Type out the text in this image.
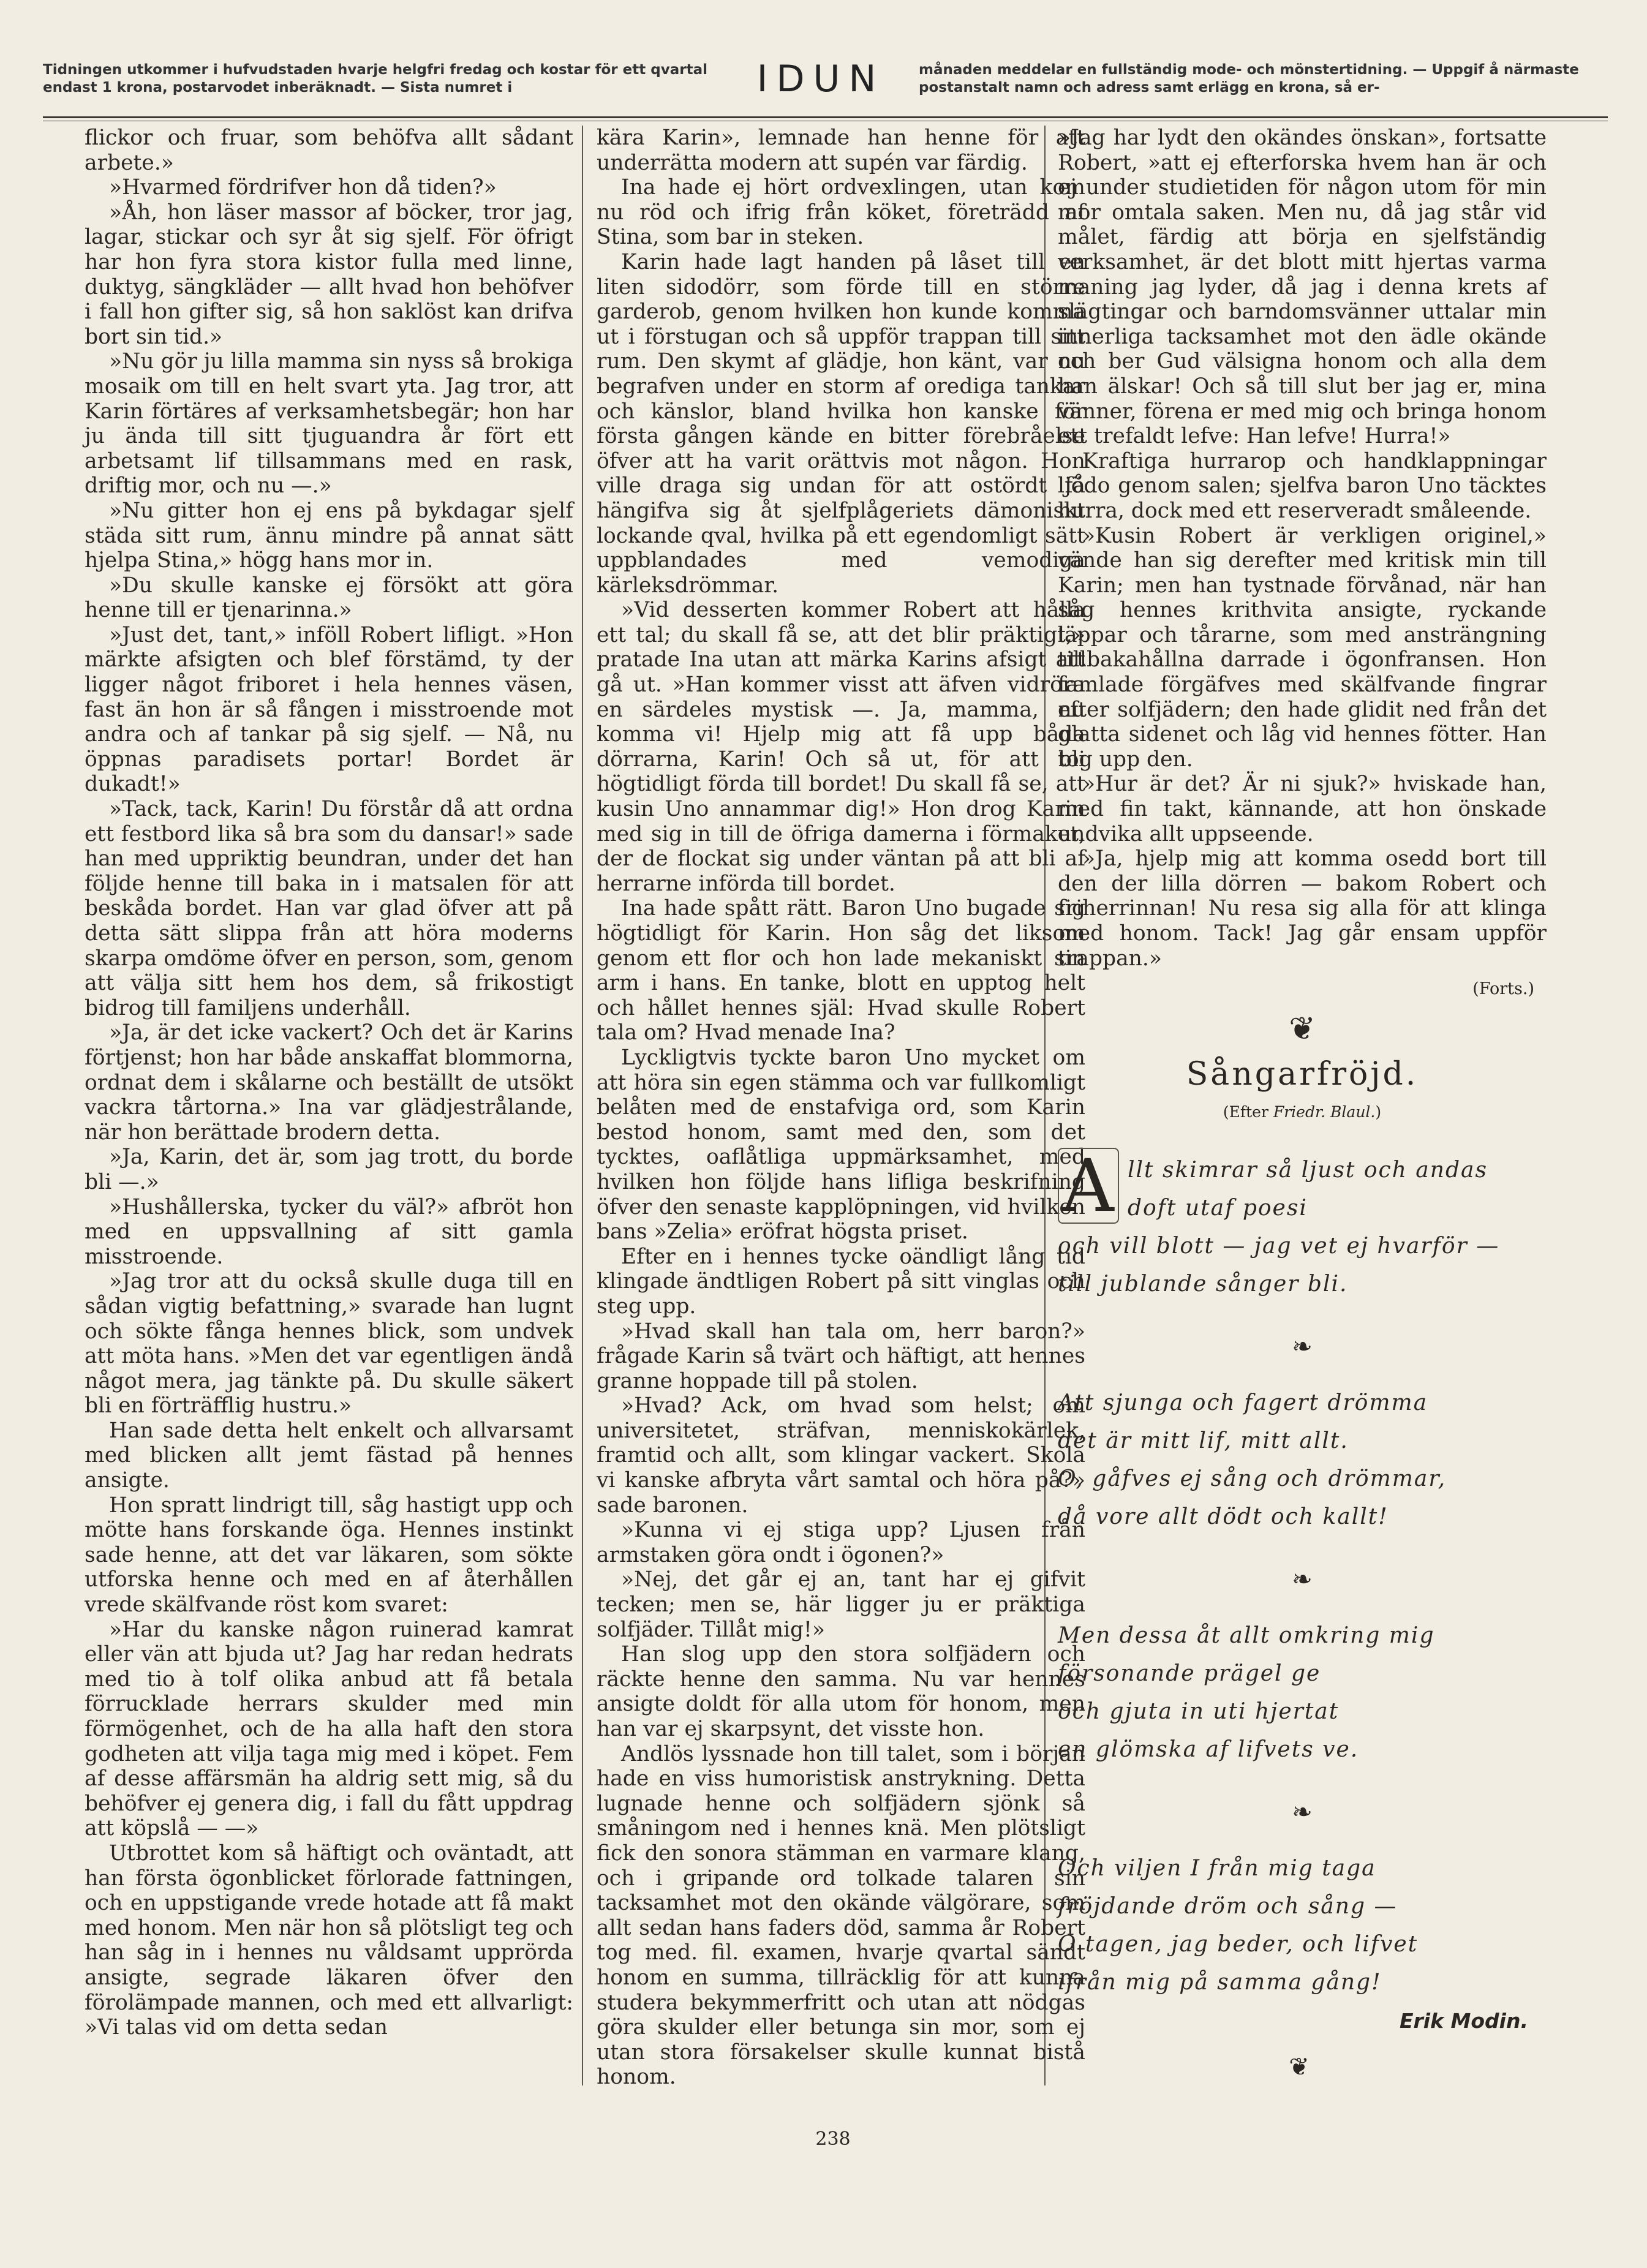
Tidningen utkommer i hufvudstaden hvarje helgfri fredag och kostar för ett qvartal endast 1 krona, postarvodet inberäknadt. — Sista numret i	IDUN	månaden meddelar en fullständig mode- och mönstertidning. — Uppgif å närmaste postanstalt namn och adress samt erlägg en krona, så er-

flickor och fruar, som behöfva allt sådant arbete.»

»Hvarmed fördrifver hon då tiden?»

»Åh, hon läser massor af böcker, tror jag, lagar, stickar och syr åt sig sjelf. För öfrigt har hon fyra stora kistor fulla med linne, duktyg, sängkläder — allt hvad hon behöfver i fall hon gifter sig, så hon saklöst kan drifva bort sin tid.»

»Nu gör ju lilla mamma sin nyss så brokiga mosaik om till en helt svart yta. Jag tror, att Karin förtäres af verksamhetsbegär; hon har ju ända till sitt tjuguandra år fört ett arbetsamt lif tillsammans med en rask, driftig mor, och nu —.»

»Nu gitter hon ej ens på bykdagar sjelf städa sitt rum, ännu mindre på annat sätt hjelpa Stina,» högg hans mor in.

»Du skulle kanske ej försökt att göra henne till er tjenarinna.»

»Just det, tant,» inföll Robert lifligt. »Hon märkte afsigten och blef förstämd, ty der ligger något friboret i hela hennes väsen, fast än hon är så fången i misstroende mot andra och af tankar på sig sjelf. — Nå, nu öppnas paradisets portar! Bordet är dukadt!»

»Tack, tack, Karin! Du förstår då att ordna ett festbord lika så bra som du dansar!» sade han med uppriktig beundran, under det han följde henne till baka in i matsalen för att beskåda bordet. Han var glad öfver att på detta sätt slippa från att höra moderns skarpa omdöme öfver en person, som, genom att välja sitt hem hos dem, så frikostigt bidrog till familjens underhåll.

»Ja, är det icke vackert? Och det är Karins förtjenst; hon har både anskaffat blommorna, ordnat dem i skålarne och beställt de utsökt vackra tårtorna.» Ina var glädjestrålande, när hon berättade brodern detta.

»Ja, Karin, det är, som jag trott, du borde bli —.»

»Hushållerska, tycker du väl?» afbröt hon med en uppsvallning af sitt gamla misstroende.

»Jag tror att du också skulle duga till en sådan vigtig befattning,» svarade han lugnt och sökte fånga hennes blick, som undvek att möta hans. »Men det var egentligen ändå något mera, jag tänkte på. Du skulle säkert bli en förträfflig hustru.»

Han sade detta helt enkelt och allvarsamt med blicken allt jemt fästad på hennes ansigte.

Hon spratt lindrigt till, såg hastigt upp och mötte hans forskande öga. Hennes instinkt sade henne, att det var läkaren, som sökte utforska henne och med en af återhållen vrede skälfvande röst kom svaret:

»Har du kanske någon ruinerad kamrat eller vän att bjuda ut? Jag har redan hedrats med tio à tolf olika anbud att få betala förrucklade herrars skulder med min förmögenhet, och de ha alla haft den stora godheten att vilja taga mig med i köpet. Fem af desse affärsmän ha aldrig sett mig, så du behöfver ej genera dig, i fall du fått uppdrag att köpslå — —»

Utbrottet kom så häftigt och oväntadt, att han första ögonblicket förlorade fattningen, och en uppstigande vrede hotade att få makt med honom. Men när hon så plötsligt teg och han såg in i hennes nu våldsamt upprörda ansigte, segrade läkaren öfver den förolämpade mannen, och med ett allvarligt: »Vi talas vid om detta sedan

kära Karin», lemnade han henne för att underrätta modern att supén var färdig.

Ina hade ej hört ordvexlingen, utan kom nu röd och ifrig från köket, företrädd af Stina, som bar in steken.

Karin hade lagt handen på låset till en liten sidodörr, som förde till en större garderob, genom hvilken hon kunde komma ut i förstugan och så uppför trappan till sitt rum. Den skymt af glädje, hon känt, var nu begrafven under en storm af orediga tankar och känslor, bland hvilka hon kanske för första gången kände en bitter förebråelse öfver att ha varit orättvis mot någon. Hon ville draga sig undan för att ostördt få hängifva sig åt sjelfplågeriets dämoniskt lockande qval, hvilka på ett egendomligt sätt uppblandades med vemodiga kärleksdrömmar.

»Vid desserten kommer Robert att hålla ett tal; du skall få se, att det blir präktigt,» pratade Ina utan att märka Karins afsigt att gå ut. »Han kommer visst att äfven vidröra en särdeles mystisk —. Ja, mamma, nu komma vi! Hjelp mig att få upp båda dörrarna, Karin! Och så ut, för att bli högtidligt förda till bordet! Du skall få se, att kusin Uno annammar dig!» Hon drog Karin med sig in till de öfriga damerna i förmaket, der de flockat sig under väntan på att bli af herrarne införda till bordet.

Ina hade spått rätt. Baron Uno bugade sig högtidligt för Karin. Hon såg det liksom genom ett flor och hon lade mekaniskt sin arm i hans. En tanke, blott en upptog helt och hållet hennes själ: Hvad skulle Robert tala om? Hvad menade Ina?

Lyckligtvis tyckte baron Uno mycket om att höra sin egen stämma och var fullkomligt belåten med de enstafviga ord, som Karin bestod honom, samt med den, som det tycktes, oaflåtliga uppmärksamhet, med hvilken hon följde hans lifliga beskrifning öfver den senaste kapplöpningen, vid hvilken bans »Zelia» eröfrat högsta priset.

Efter en i hennes tycke oändligt lång tid klingade ändtligen Robert på sitt vinglas och steg upp.

»Hvad skall han tala om, herr baron?» frågade Karin så tvärt och häftigt, att hennes granne hoppade till på stolen.

»Hvad? Ack, om hvad som helst; om universitetet, sträfvan, menniskokärlek, framtid och allt, som klingar vackert. Skola vi kanske afbryta vårt samtal och höra på?» sade baronen.

»Kunna vi ej stiga upp? Ljusen från armstaken göra ondt i ögonen?»

»Nej, det går ej an, tant har ej gifvit tecken; men se, här ligger ju er präktiga solfjäder. Tillåt mig!»

Han slog upp den stora solfjädern och räckte henne den samma. Nu var hennes ansigte doldt för alla utom för honom, men han var ej skarpsynt, det visste hon.

Andlös lyssnade hon till talet, som i början hade en viss humoristisk anstrykning. Detta lugnade henne och solfjädern sjönk så småningom ned i hennes knä. Men plötsligt fick den sonora stämman en varmare klang, och i gripande ord tolkade talaren sin tacksamhet mot den okände välgörare, som allt sedan hans faders död, samma år Robert tog med. fil. examen, hvarje qvartal sändt honom en summa, tillräcklig för att kunna studera bekymmerfritt och utan att nödgas göra skulder eller betunga sin mor, som ej utan stora försakelser skulle kunnat bistå honom.

»Jag har lydt den okändes önskan», fortsatte Robert, »att ej efterforska hvem han är och ej under studietiden för någon utom för min mor omtala saken. Men nu, då jag står vid målet, färdig att börja en sjelfständig verksamhet, är det blott mitt hjertas varma maning jag lyder, då jag i denna krets af slägtingar och barndomsvänner uttalar min innerliga tacksamhet mot den ädle okände och ber Gud välsigna honom och alla dem han älskar! Och så till slut ber jag er, mina vänner, förena er med mig och bringa honom ett trefaldt lefve: Han lefve! Hurra!»

Kraftiga hurrarop och handklappningar ljödo genom salen; sjelfva baron Uno täcktes hurra, dock med ett reserveradt småleende.

»Kusin Robert är verkligen originel,» vände han sig derefter med kritisk min till Karin; men han tystnade förvånad, när han såg hennes krithvita ansigte, ryckande läppar och tårarne, som med ansträngning tillbakahållna darrade i ögonfransen. Hon famlade förgäfves med skälfvande fingrar efter solfjädern; den hade glidit ned från det glatta sidenet och låg vid hennes fötter. Han tog upp den.

»Hur är det? Är ni sjuk?» hviskade han, med fin takt, kännande, att hon önskade undvika allt uppseende.

»Ja, hjelp mig att komma osedd bort till den der lilla dörren — bakom Robert och friherrinnan! Nu resa sig alla för att klinga med honom. Tack! Jag går ensam uppför trappan.»

(Forts.)
❦
Sångarfröjd.
(Efter Friedr. Blaul.)
A llt skimrar så ljust och andas
doft utaf poesi
och vill blott — jag vet ej hvarför —
till jublande sånger bli.
❧
Att sjunga och fagert drömma
det är mitt lif, mitt allt.
O, gåfves ej sång och drömmar,
då vore allt dödt och kallt!
❧
Men dessa åt allt omkring mig
försonande prägel ge
och gjuta in uti hjertat
en glömska af lifvets ve.
❧
Och viljen I från mig taga
fröjdande dröm och sång —
O tagen, jag beder, och lifvet
ifrån mig på samma gång!
Erik Modin.
❦
238
